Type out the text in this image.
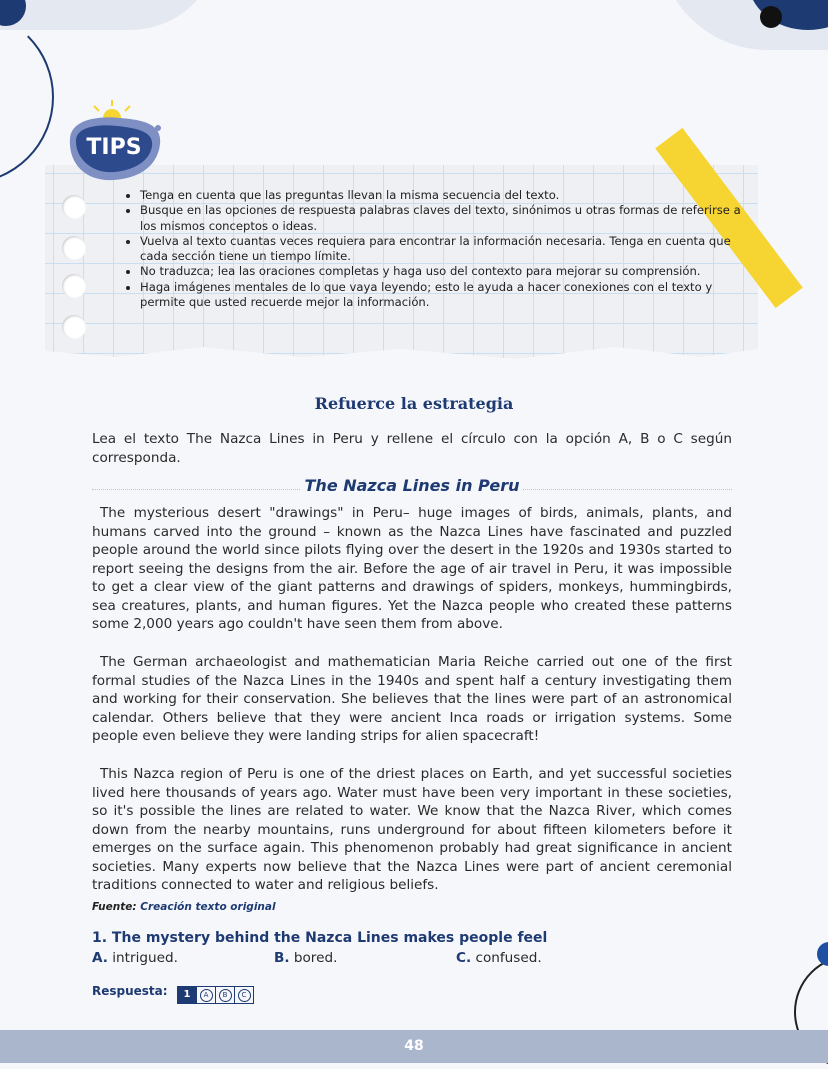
TIPS
• Tenga en cuenta que las preguntas llevan la misma secuencia del texto.
• Busque en las opciones de respuesta palabras claves del texto, sinónimos u otras formas de referirse a los mismos conceptos o ideas.
• Vuelva al texto cuantas veces requiera para encontrar la información necesaria. Tenga en cuenta que cada sección tiene un tiempo límite.
• No traduzca; lea las oraciones completas y haga uso del contexto para mejorar su comprensión.
• Haga imágenes mentales de lo que vaya leyendo; esto le ayuda a hacer conexiones con el texto y permite que usted recuerde mejor la información.
Refuerce la estrategia
Lea el texto The Nazca Lines in Peru y rellene el círculo con la opción A, B o C según corresponda.
The Nazca Lines in Peru

The mysterious desert "drawings" in Peru– huge images of birds, animals, plants, and humans carved into the ground – known as the Nazca Lines have fascinated and puzzled people around the world since pilots flying over the desert in the 1920s and 1930s started to report seeing the designs from the air. Before the age of air travel in Peru, it was impossible to get a clear view of the giant patterns and drawings of spiders, monkeys, hummingbirds, sea creatures, plants, and human figures. Yet the Nazca people who created these patterns some 2,000 years ago couldn't have seen them from above.

The German archaeologist and mathematician Maria Reiche carried out one of the first formal studies of the Nazca Lines in the 1940s and spent half a century investigating them and working for their conservation. She believes that the lines were part of an astronomical calendar. Others believe that they were ancient Inca roads or irrigation systems. Some people even believe they were landing strips for alien spacecraft!

This Nazca region of Peru is one of the driest places on Earth, and yet successful societies lived here thousands of years ago. Water must have been very important in these societies, so it's possible the lines are related to water. We know that the Nazca River, which comes down from the nearby mountains, runs underground for about fifteen kilometers before it emerges on the surface again. This phenomenon probably had great significance in ancient societies. Many experts now believe that the Nazca Lines were part of ancient ceremonial traditions connected to water and religious beliefs.

Fuente: Creación texto original
1. The mystery behind the Nazca Lines makes people feel
A. intrigued.	B. bored.	C. confused.
Respuesta:	1	A	B	C
48
